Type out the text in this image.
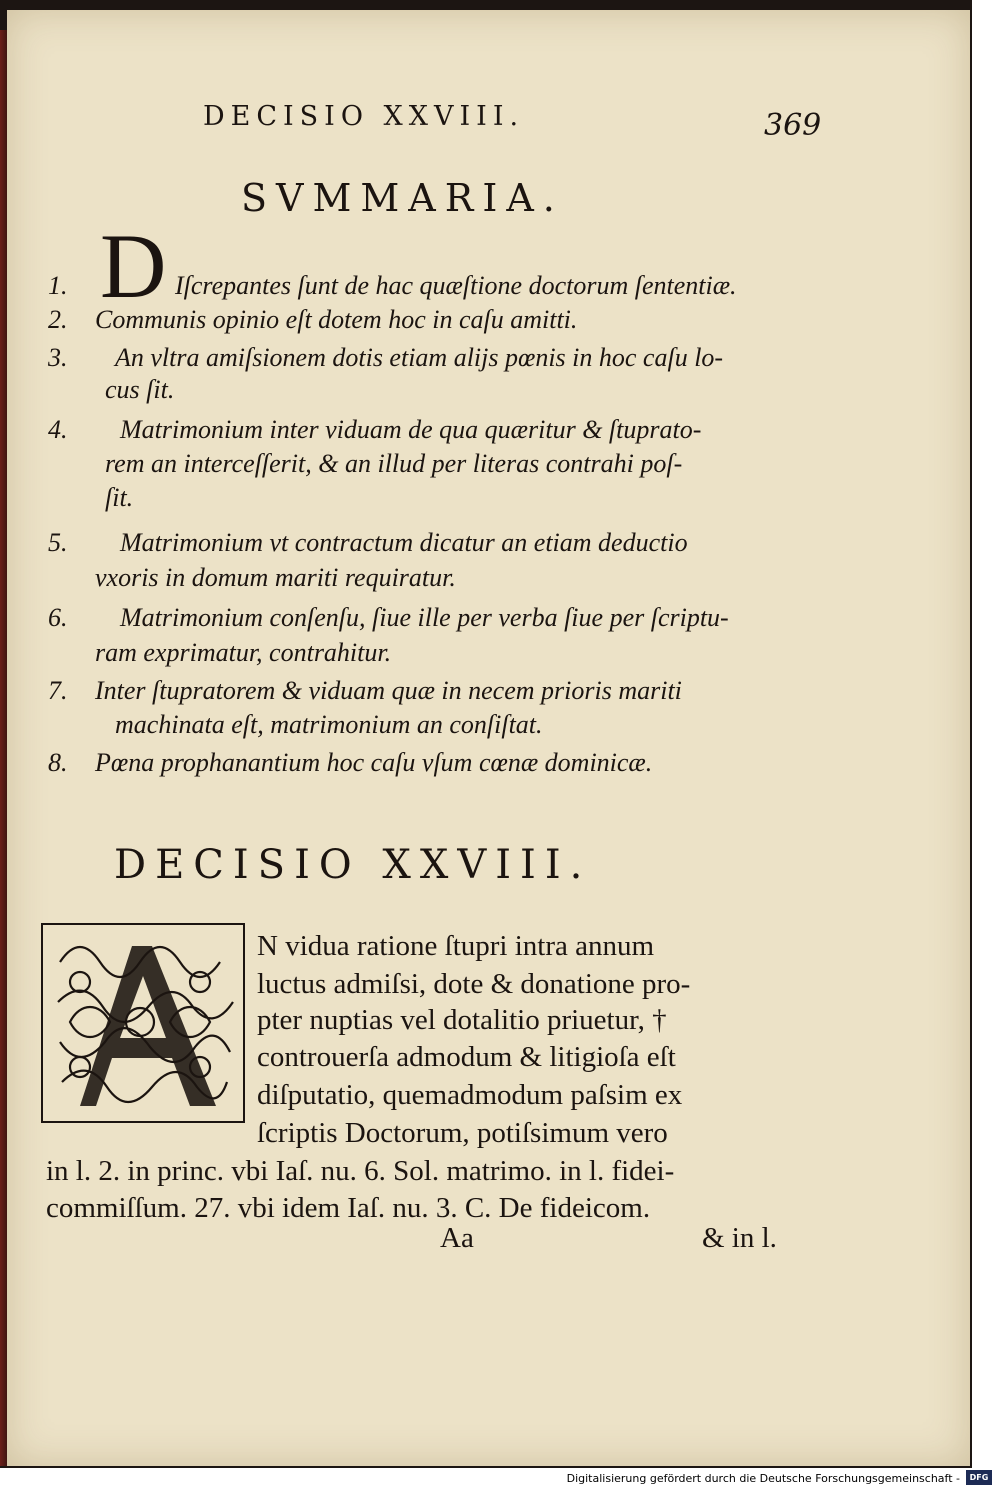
DECISIO XXVIII.	369
SVMMARIA.
D
1.	Iſcrepantes ſunt de hac quæſtione doctorum ſententiæ.
2. Communis opinio eſt dotem hoc in caſu amitti.
3. An vltra amiſsionem dotis etiam alijs pœnis in hoc caſu lo-
cus ſit.
4. Matrimonium inter viduam de qua quæritur & ſtuprato-
rem an interceſſerit, & an illud per literas contrahi poſ-
ſit.
5. Matrimonium vt contractum dicatur an etiam deductio
vxoris in domum mariti requiratur.
6. Matrimonium conſenſu, ſiue ille per verba ſiue per ſcriptu-
ram exprimatur, contrahitur.
7. Inter ſtupratorem & viduam quæ in necem prioris mariti
machinata eſt, matrimonium an conſiſtat.
8. Pœna prophanantium hoc caſu vſum cœnæ dominicæ.
DECISIO XXVIII.
N vidua ratione ſtupri intra annum
luctus admiſsi, dote & donatione pro-
pter nuptias vel dotalitio priuetur, †
controuerſa admodum & litigioſa eſt
diſputatio, quemadmodum paſsim ex
ſcriptis Doctorum, potiſsimum vero
in l. 2. in princ. vbi Iaſ. nu. 6. Sol. matrimo. in l. fidei-
commiſſum. 27. vbi idem Iaſ. nu. 3. C. De fideicom.
Aa	& in l.
Digitalisierung gefördert durch die Deutsche Forschungsgemeinschaft -	DFG
